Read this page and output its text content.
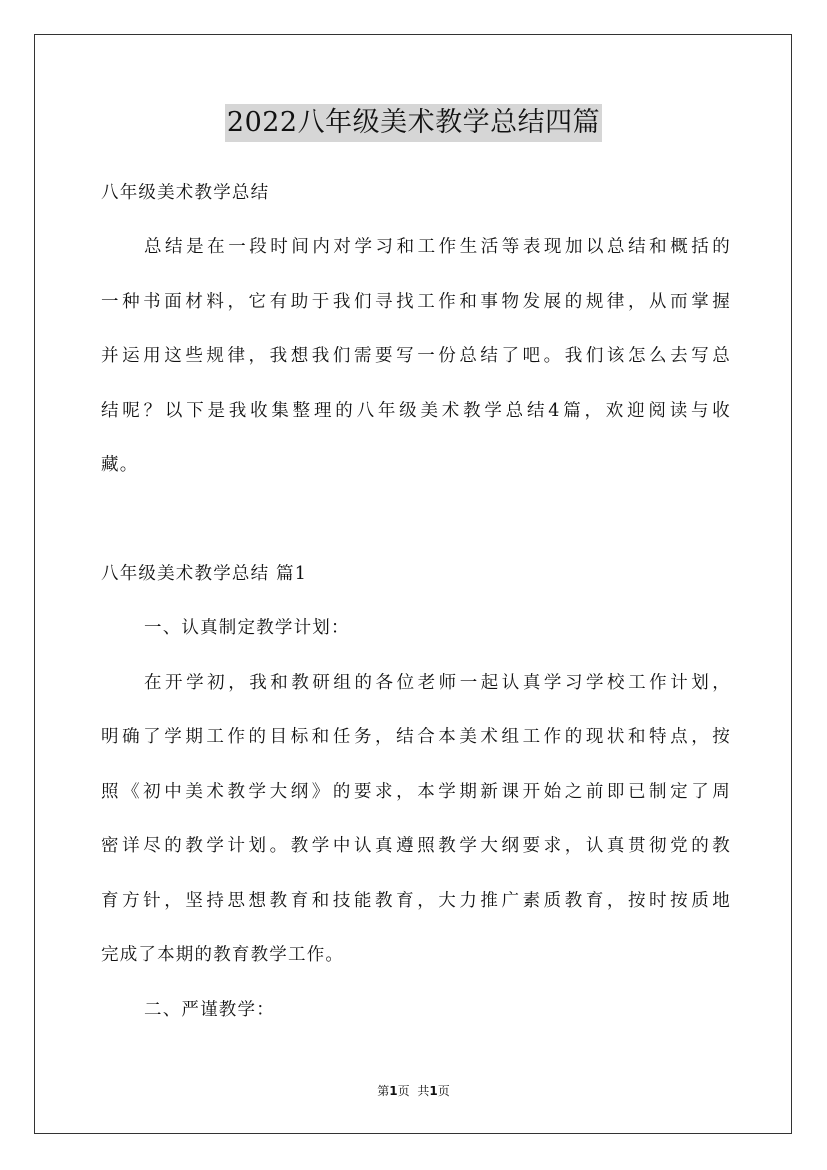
2022八年级美术教学总结四篇
八年级美术教学总结
总结是在一段时间内对学习和工作生活等表现加以总结和概括的
一种书面材料，它有助于我们寻找工作和事物发展的规律，从而掌握
并运用这些规律，我想我们需要写一份总结了吧。我们该怎么去写总
结呢？以下是我收集整理的八年级美术教学总结4篇，欢迎阅读与收
藏。
八年级美术教学总结 篇1
一、认真制定教学计划：
在开学初，我和教研组的各位老师一起认真学习学校工作计划，
明确了学期工作的目标和任务，结合本美术组工作的现状和特点，按
照《初中美术教学大纲》的要求，本学期新课开始之前即已制定了周
密详尽的教学计划。教学中认真遵照教学大纲要求，认真贯彻党的教
育方针，坚持思想教育和技能教育，大力推广素质教育，按时按质地
完成了本期的教育教学工作。
二、严谨教学：
第1页 共1页
